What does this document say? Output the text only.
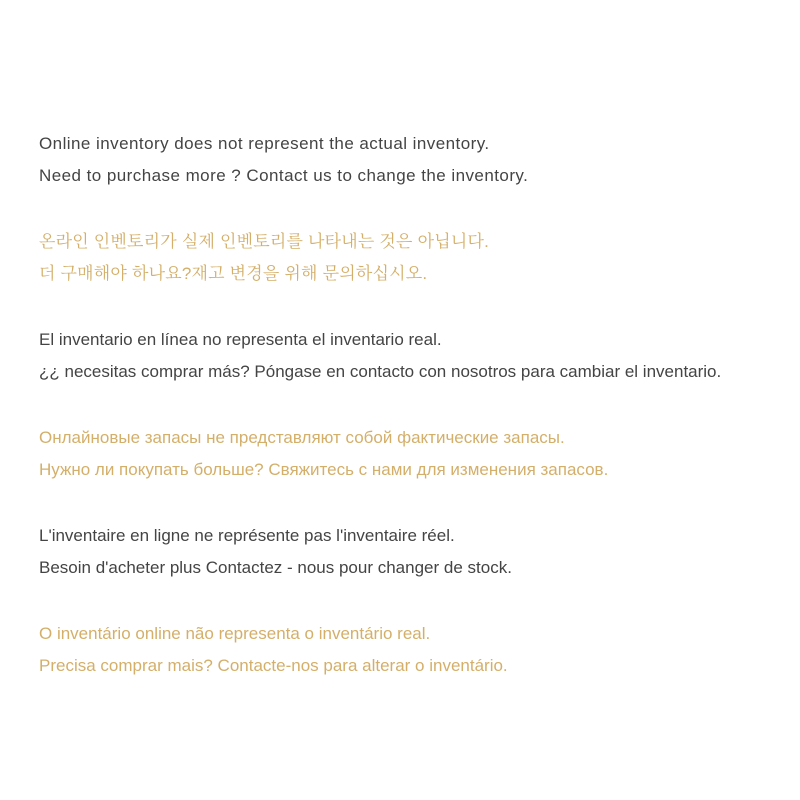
Online inventory does not represent the actual inventory.
Need to purchase more ? Contact us to change the inventory.
온라인 인벤토리가 실제 인벤토리를 나타내는 것은 아닙니다.
더 구매해야 하나요?재고 변경을 위해 문의하십시오.
El inventario en línea no representa el inventario real.
¿¿ necesitas comprar más? Póngase en contacto con nosotros para cambiar el inventario.
Онлайновые запасы не представляют собой фактические запасы.
Нужно ли покупать больше? Свяжитесь с нами для изменения запасов.
L'inventaire en ligne ne représente pas l'inventaire réel.
Besoin d'acheter plus Contactez - nous pour changer de stock.
O inventário online não representa o inventário real.
Precisa comprar mais? Contacte-nos para alterar o inventário.
